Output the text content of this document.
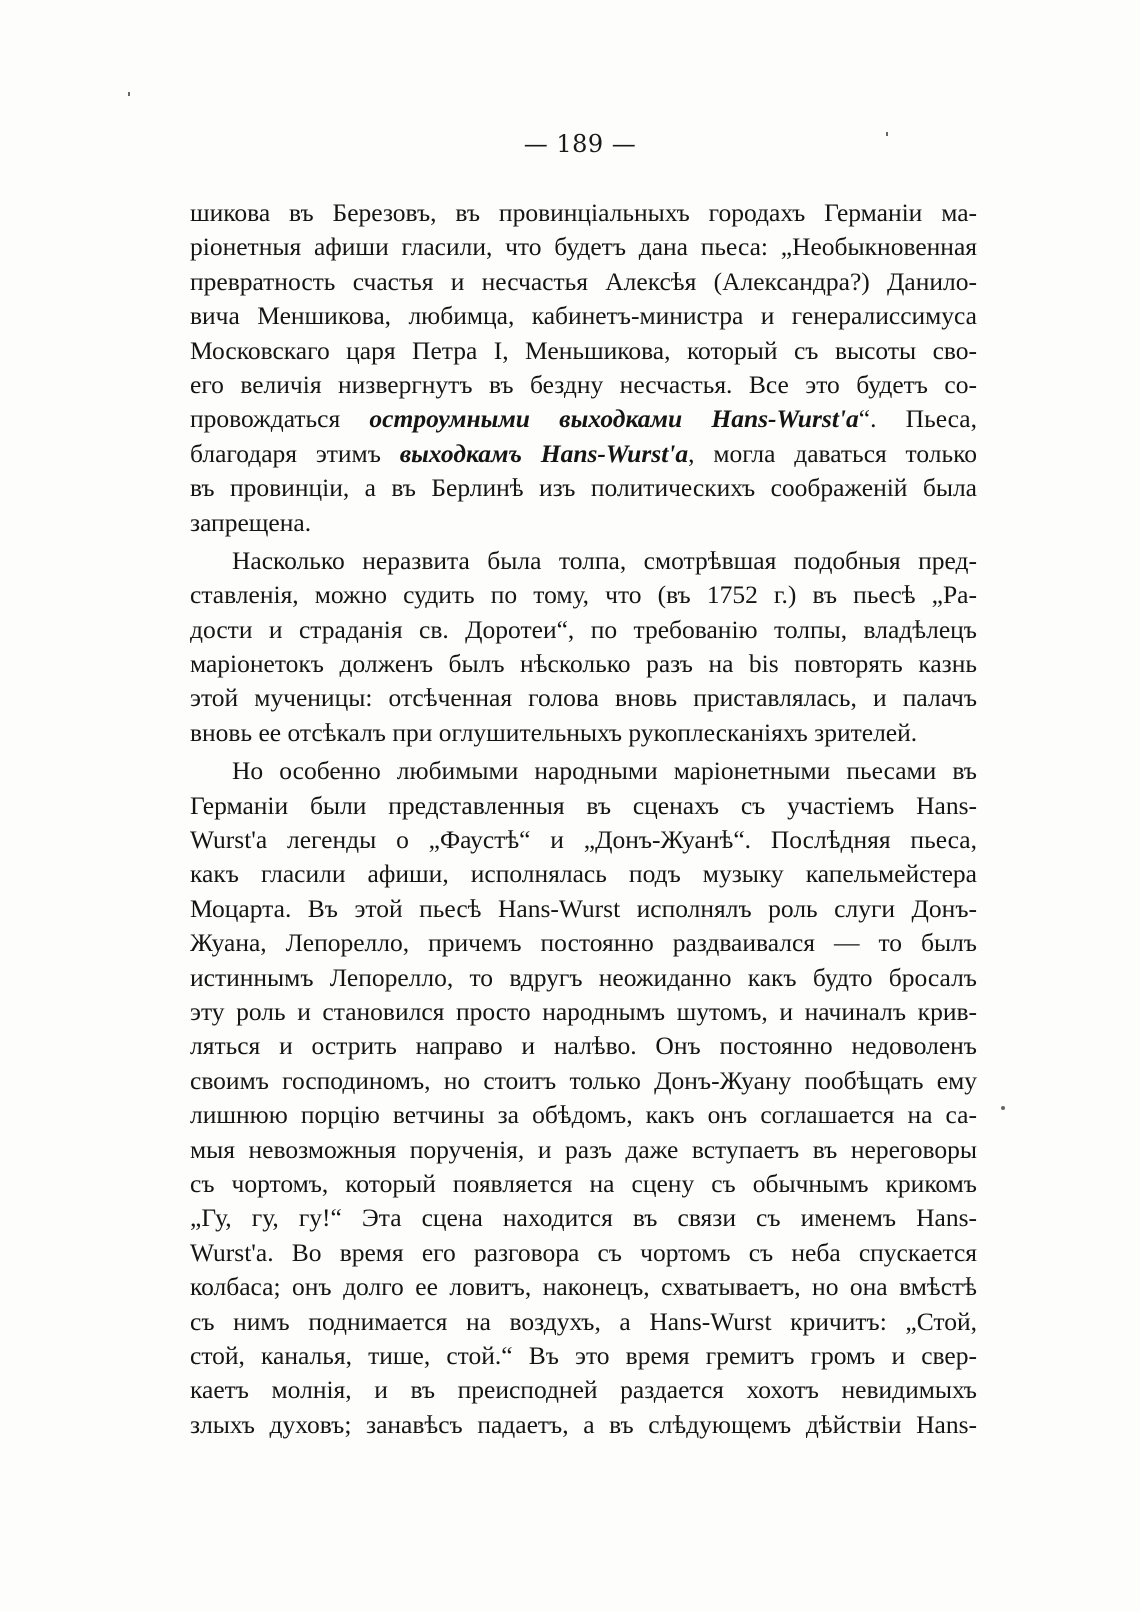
— 189 —
шикова въ Березовъ, въ провинціальныхъ городахъ Германіи ма-
ріонетныя афиши гласили, что будетъ дана пьеса: „Необыкновенная
превратность счастья и несчастья Алексѣя (Александра?) Данило-
вича Меншикова, любимца, кабинетъ-министра и генералиссимуса
Московскаго царя Петра I, Меньшикова, который съ высоты сво-
его величія низвергнутъ въ бездну несчастья. Все это будетъ со-
провождаться остроумными выходками Hans-Wurst'а“. Пьеса,
благодаря этимъ выходкамъ Hans-Wurst'а, могла даваться только
въ провинціи, а въ Берлинѣ изъ политическихъ соображеній была
запрещена.
Насколько неразвита была толпа, смотрѣвшая подобныя пред-
ставленія, можно судить по тому, что (въ 1752 г.) въ пьесѣ „Ра-
дости и страданія св. Доротеи“, по требованію толпы, владѣлецъ
маріонетокъ долженъ былъ нѣсколько разъ на bis повторять казнь
этой мученицы: отсѣченная голова вновь приставлялась, и палачъ
вновь ее отсѣкалъ при оглушительныхъ рукоплесканіяхъ зрителей.
Но особенно любимыми народными маріонетными пьесами въ
Германіи были представленныя въ сценахъ съ участіемъ Hans-
Wurst'а легенды о „Фаустѣ“ и „Донъ-Жуанѣ“. Послѣдняя пьеса,
какъ гласили афиши, исполнялась подъ музыку капельмейстера
Моцарта. Въ этой пьесѣ Hans-Wurst исполнялъ роль слуги Донъ-
Жуана, Лепорелло, причемъ постоянно раздваивался — то былъ
истиннымъ Лепорелло, то вдругъ неожиданно какъ будто бросалъ
эту роль и становился просто народнымъ шутомъ, и начиналъ крив-
ляться и острить направо и налѣво. Онъ постоянно недоволенъ
своимъ господиномъ, но стоитъ только Донъ-Жуану пообѣщать ему
лишнюю порцію ветчины за обѣдомъ, какъ онъ соглашается на са-
мыя невозможныя порученія, и разъ даже вступаетъ въ нереговоры
съ чортомъ, который появляется на сцену съ обычнымъ крикомъ
„Гу, гу, гу!“ Эта сцена находится въ связи съ именемъ Hans-
Wurst'а. Во время его разговора съ чортомъ съ неба спускается
колбаса; онъ долго ее ловитъ, наконецъ, схватываетъ, но она вмѣстѣ
съ нимъ поднимается на воздухъ, а Hans-Wurst кричитъ: „Стой,
стой, каналья, тише, стой.“ Въ это время гремитъ громъ и свер-
каетъ молнія, и въ преисподней раздается хохотъ невидимыхъ
злыхъ духовъ; занавѣсъ падаетъ, а въ слѣдующемъ дѣйствіи Hans-
